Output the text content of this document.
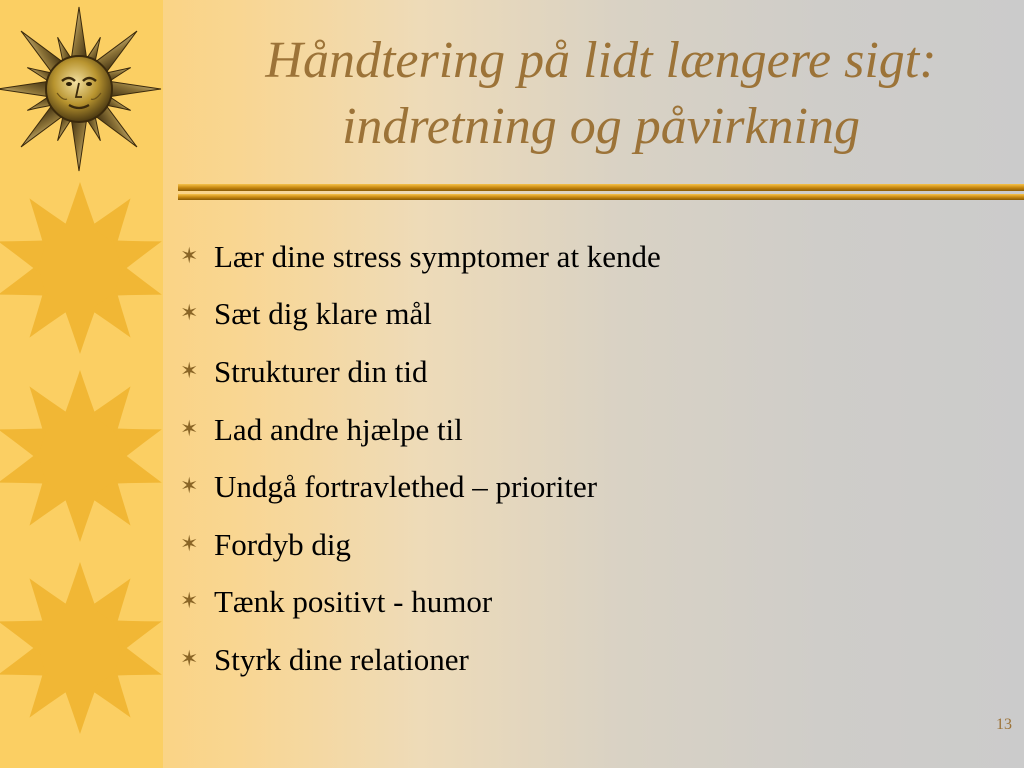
Håndtering på lidt længere sigt:
indretning og påvirkning
✶ Lær dine stress symptomer at kende
✶ Sæt dig klare mål
✶ Strukturer din tid
✶ Lad andre hjælpe til
✶ Undgå fortravlethed – prioriter
✶ Fordyb dig
✶ Tænk positivt - humor
✶ Styrk dine relationer
13
